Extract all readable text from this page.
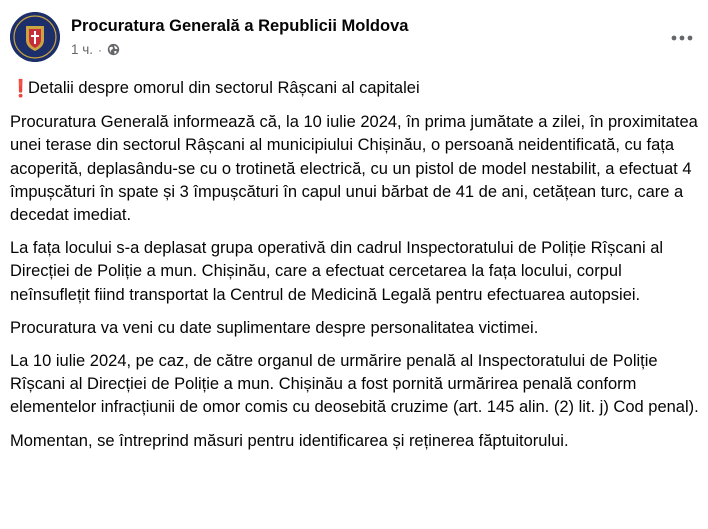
Procuratura Generală a Republicii Moldova
1 ч. ·

❗
Detalii despre omorul din sectorul Râșcani al capitalei

Procuratura Generală informează că, la 10 iulie 2024, în prima jumătate a zilei, în proximitatea unei terase din sectorul Râșcani al municipiului Chișinău, o persoană neidentificată, cu fața acoperită, deplasându-se cu o trotinetă electrică, cu un pistol de model nestabilit, a efectuat 4 împușcături în spate și 3 împușcături în capul unui bărbat de 41 de ani, cetățean turc, care a decedat imediat.

La fața locului s-a deplasat grupa operativă din cadrul Inspectoratului de Poliție Rîșcani al Direcției de Poliție a mun. Chișinău, care a efectuat cercetarea la fața locului, corpul neînsuflețit fiind transportat la Centrul de Medicină Legală pentru efectuarea autopsiei.

Procuratura va veni cu date suplimentare despre personalitatea victimei.

La 10 iulie 2024, pe caz, de către organul de urmărire penală al Inspectoratului de Poliție Rîșcani al Direcției de Poliție a mun. Chișinău a fost pornită urmărirea penală conform elementelor infracțiunii de omor comis cu deosebită cruzime (art. 145 alin. (2) lit. j) Cod penal).

Momentan, se întreprind măsuri pentru identificarea și reținerea făptuitorului.
